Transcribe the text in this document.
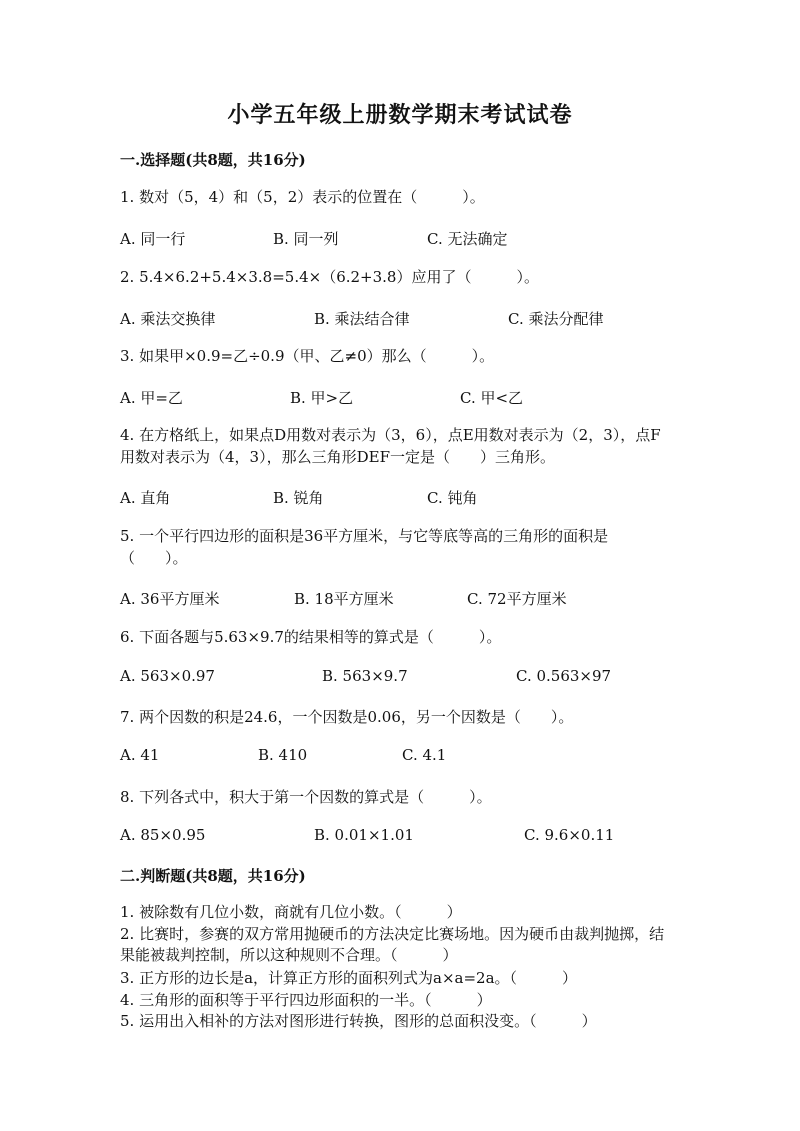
小学五年级上册数学期末考试试卷
一.选择题(共8题，共16分)
1. 数对（5，4）和（5，2）表示的位置在（　　　）。
A. 同一行	B. 同一列	C. 无法确定
2. 5.4×6.2+5.4×3.8=5.4×（6.2+3.8）应用了（　　　）。
A. 乘法交换律	B. 乘法结合律	C. 乘法分配律
3. 如果甲×0.9=乙÷0.9（甲、乙≠0）那么（　　　）。
A. 甲=乙	B. 甲>乙	C. 甲<乙
4. 在方格纸上，如果点D用数对表示为（3，6），点E用数对表示为（2，3），点F用数对表示为（4，3），那么三角形DEF一定是（　　）三角形。
A. 直角	B. 锐角	C. 钝角
5. 一个平行四边形的面积是36平方厘米，与它等底等高的三角形的面积是（　　）。
A. 36平方厘米	B. 18平方厘米	C. 72平方厘米
6. 下面各题与5.63×9.7的结果相等的算式是（　　　）。
A. 563×0.97	B. 563×9.7	C. 0.563×97
7. 两个因数的积是24.6，一个因数是0.06，另一个因数是（　　）。
A. 41	B. 410	C. 4.1
8. 下列各式中，积大于第一个因数的算式是（　　　）。
A. 85×0.95	B. 0.01×1.01	C. 9.6×0.11
二.判断题(共8题，共16分)
1. 被除数有几位小数，商就有几位小数。（　　　）
2. 比赛时，参赛的双方常用抛硬币的方法决定比赛场地。因为硬币由裁判抛掷，结果能被裁判控制，所以这种规则不合理。（　　　）
3. 正方形的边长是a，计算正方形的面积列式为a×a=2a。（　　　）
4. 三角形的面积等于平行四边形面积的一半。（　　　）
5. 运用出入相补的方法对图形进行转换，图形的总面积没变。（　　　）
